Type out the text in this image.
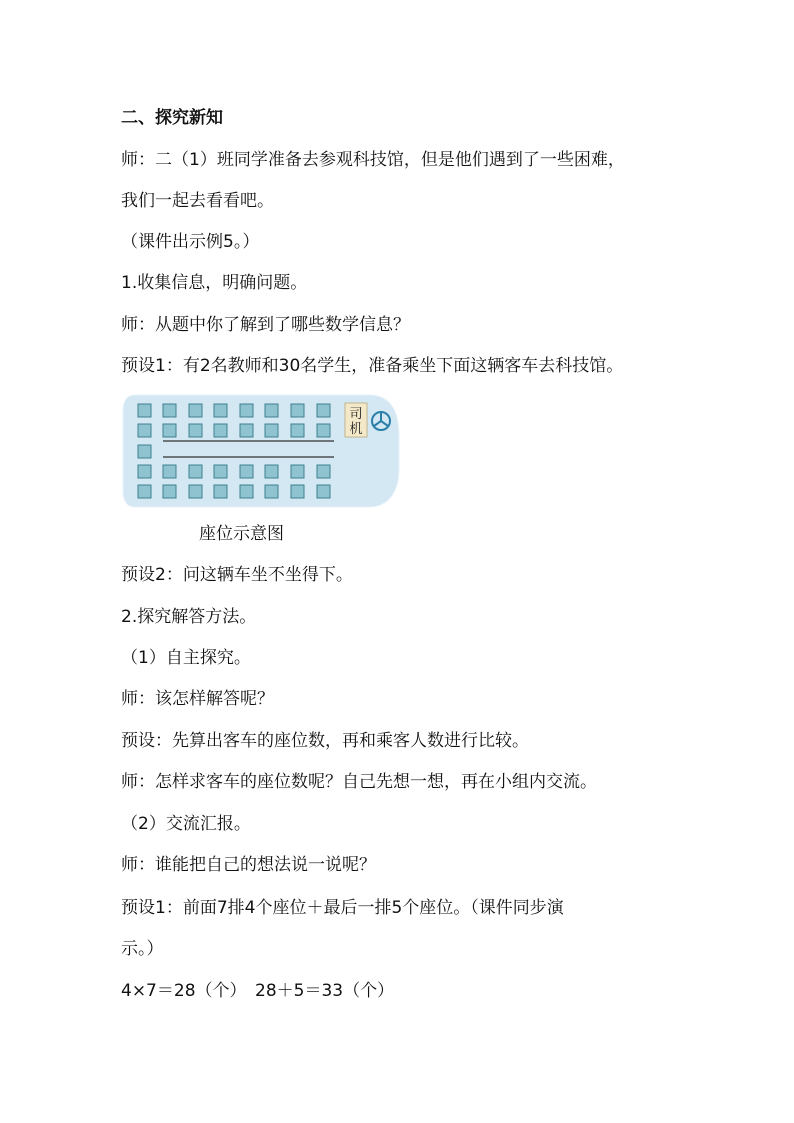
二、探究新知
师：二（1）班同学准备去参观科技馆，但是他们遇到了一些困难，
我们一起去看看吧。
（课件出示例5。）
1.收集信息，明确问题。
师：从题中你了解到了哪些数学信息？
预设1：有2名教师和30名学生，准备乘坐下面这辆客车去科技馆。
司
机
座位示意图
预设2：问这辆车坐不坐得下。
2.探究解答方法。
（1）自主探究。
师：该怎样解答呢？
预设：先算出客车的座位数，再和乘客人数进行比较。
师：怎样求客车的座位数呢？自己先想一想，再在小组内交流。
（2）交流汇报。
师：谁能把自己的想法说一说呢？
预设1：前面7排4个座位＋最后一排5个座位。（课件同步演
示。）
4×7＝28（个）　28＋5＝33（个）
